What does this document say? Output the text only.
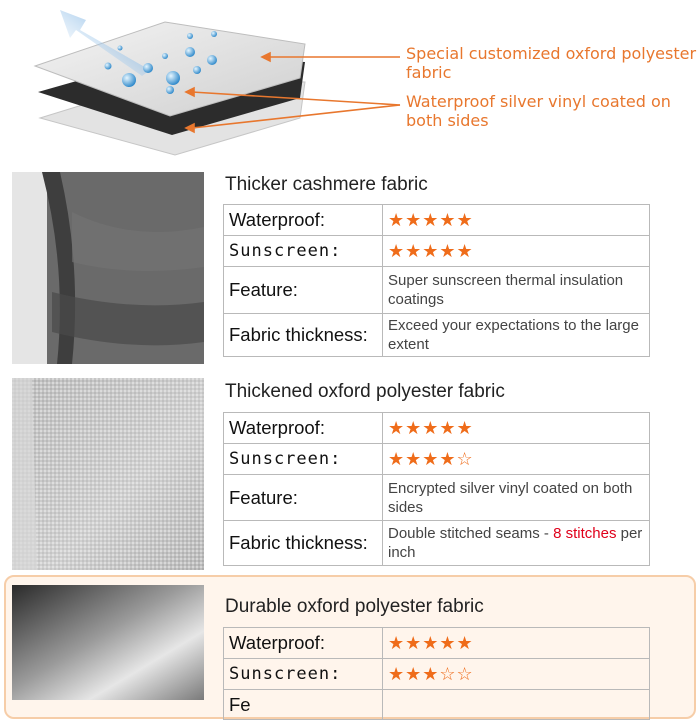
Special customized oxford polyester fabric
Waterproof silver vinyl coated on both sides
Thicker cashmere fabric
Waterproof:	★★★★★
Sunscreen:	★★★★★
Feature:	Super sunscreen thermal insulation coatings
Fabric thickness:	Exceed your expectations to the large extent
Thickened oxford polyester fabric
Waterproof:	★★★★★
Sunscreen:	★★★★☆
Feature:	Encrypted silver vinyl coated on both sides
Fabric thickness:	Double stitched seams - 8 stitches per inch
Durable oxford polyester fabric
Waterproof:	★★★★★
Sunscreen:	★★★☆☆
Fe	
